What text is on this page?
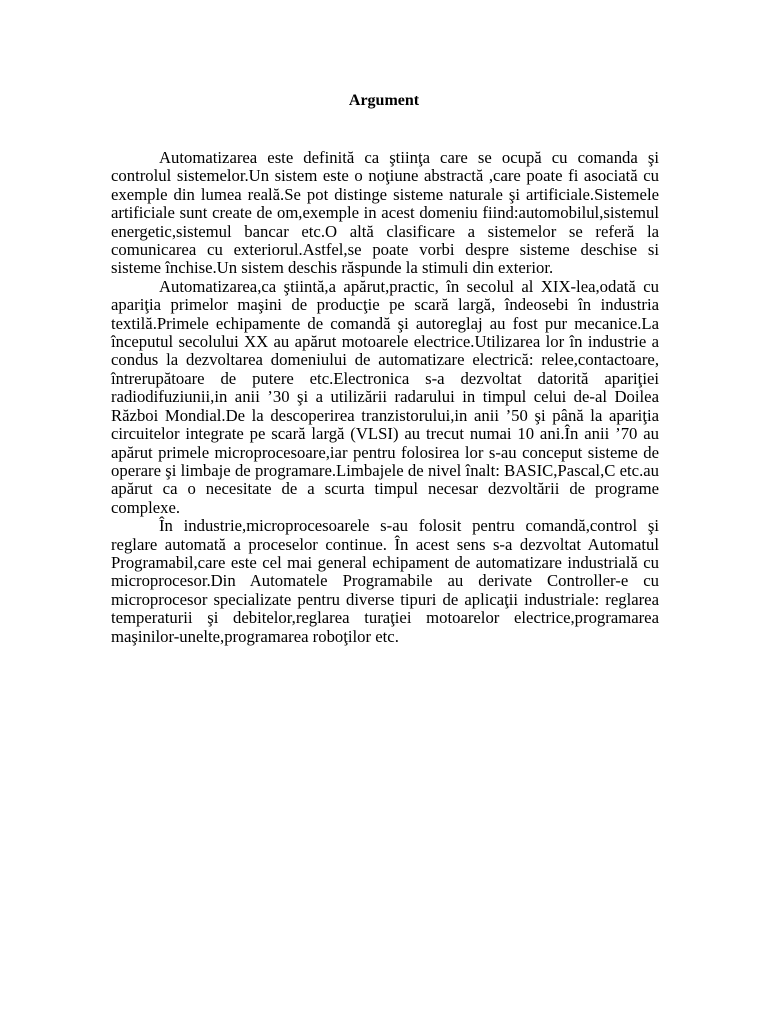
Argument

Automatizarea este definită ca ştiinţa care se ocupă cu comanda şi controlul sistemelor.Un sistem este o noţiune abstractă ,care poate fi asociată cu exemple din lumea reală.Se pot distinge sisteme naturale şi artificiale.Sistemele artificiale sunt create de om,exemple in acest domeniu fiind:automobilul,sistemul energetic,sistemul bancar etc.O altă clasificare a sistemelor se referă la comunicarea cu exteriorul.Astfel,se poate vorbi despre sisteme deschise si sisteme închise.Un sistem deschis răspunde la stimuli din exterior.

Automatizarea,ca ştiintă,a apărut,practic, în secolul al XIX-lea,odată cu apariţia primelor maşini de producţie pe scară largă, îndeosebi în industria textilă.Primele echipamente de comandă şi autoreglaj au fost pur mecanice.La începutul secolului XX au apărut motoarele electrice.Utilizarea lor în industrie a condus la dezvoltarea domeniului de automatizare electrică: relee,contactoare, întrerupătoare de putere etc.Electronica s-a dezvoltat datorită apariţiei radiodifuziunii,in anii ’30 şi a utilizării radarului in timpul celui de-al Doilea Război Mondial.De la descoperirea tranzistorului,in anii ’50 şi până la apariţia circuitelor integrate pe scară largă (VLSI) au trecut numai 10 ani.În anii ’70 au apărut primele microprocesoare,iar pentru folosirea lor s-au conceput sisteme de operare şi limbaje de programare.Limbajele de nivel înalt: BASIC,Pascal,C etc.au apărut ca o necesitate de a scurta timpul necesar dezvoltării de programe complexe.

În industrie,microprocesoarele s-au folosit pentru comandă,control şi reglare automată a proceselor continue. În acest sens s-a dezvoltat Automatul Programabil,care este cel mai general echipament de automatizare industrială cu microprocesor.Din Automatele Programabile au derivate Controller-e cu microprocesor specializate pentru diverse tipuri de aplicaţii industriale: reglarea temperaturii şi debitelor,reglarea turaţiei motoarelor electrice,programarea maşinilor-unelte,programarea roboţilor etc.
